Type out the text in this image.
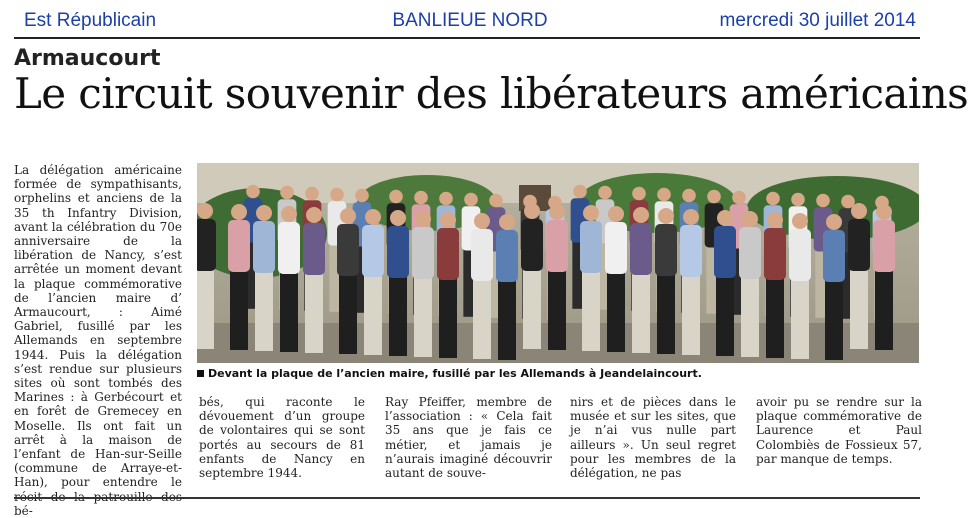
Est Républicain	BANLIEUE NORD	mercredi 30 juillet 2014
Armaucourt
Le circuit souvenir des libérateurs américains

La délégation américaine formée de sympathisants, orphelins et anciens de la 35 th Infantry Division, avant la célébration du 70e anniversaire de la libération de Nancy, s’est arrêtée un moment devant la plaque commémorative de l’ancien maire d’ Armaucourt, : Aimé Gabriel, fusillé par les Allemands en septembre 1944. Puis la délégation s’est rendue sur plusieurs sites où sont tombés des Marines : à Gerbécourt et en forêt de Gremecey en Moselle. Ils ont fait un arrêt à la maison de l’enfant de Han-sur-Seille (commune de Arraye-et-Han), pour entendre le bé-

Devant la plaque de l’ancien maire, fusillé par les Allemands à Jeandelaincourt.

bés, qui raconte le dévouement d’un groupe de volontaires qui se sont portés au secours de 81 enfants de Nancy en septembre 1944.

Ray Pfeiffer, membre de l’association : « Cela fait 35 ans que je fais ce métier, et jamais je n’aurais imaginé découvrir autant de souve-

nirs et de pièces dans le musée et sur les sites, que je n’ai vus nulle part ailleurs ». Un seul regret pour les membres de la délégation, ne pas

avoir pu se rendre sur la plaque commémorative de Laurence et Paul Colombiès de Fossieux 57, par manque de temps.
